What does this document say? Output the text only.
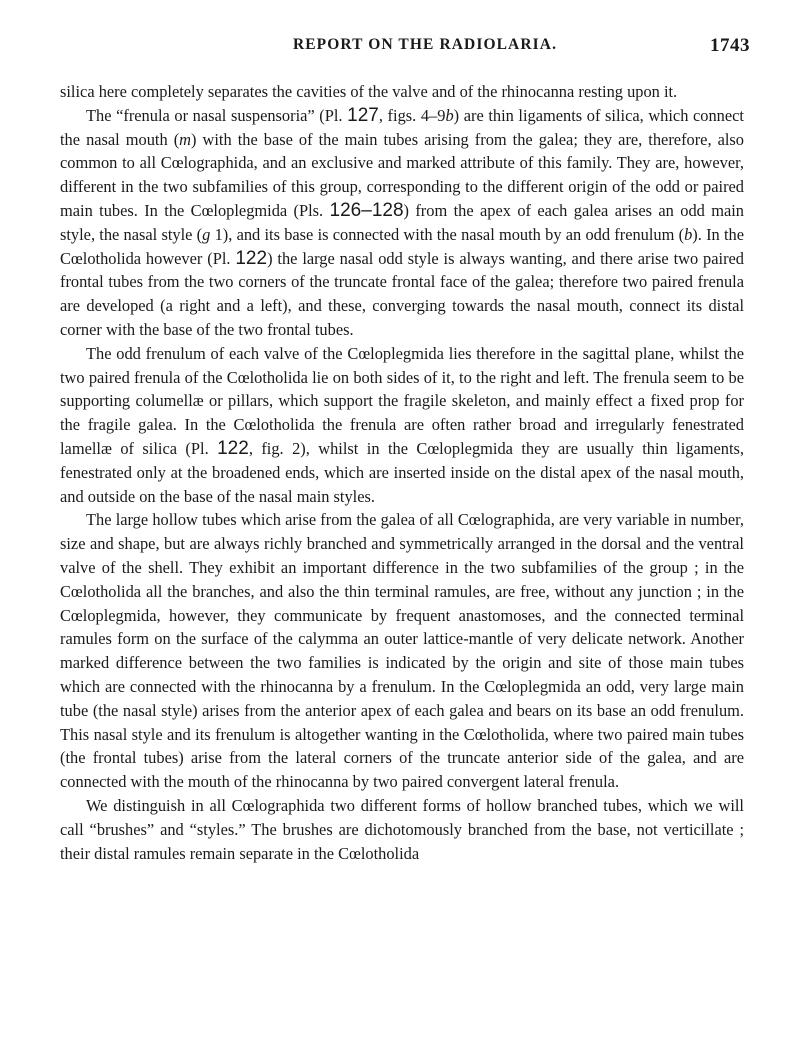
REPORT ON THE RADIOLARIA.	1743

silica here completely separates the cavities of the valve and of the rhinocanna resting upon it.

The “frenula or nasal suspensoria” (Pl. 127, figs. 4–9b) are thin ligaments of silica, which connect the nasal mouth (m) with the base of the main tubes arising from the galea; they are, therefore, also common to all Cœlographida, and an exclusive and marked attribute of this family. They are, however, different in the two subfamilies of this group, corresponding to the different origin of the odd or paired main tubes. In the Cœloplegmida (Pls. 126–128) from the apex of each galea arises an odd main style, the nasal style (g 1), and its base is connected with the nasal mouth by an odd frenulum (b). In the Cœlotholida however (Pl. 122) the large nasal odd style is always wanting, and there arise two paired frontal tubes from the two corners of the truncate frontal face of the galea; therefore two paired frenula are developed (a right and a left), and these, converging towards the nasal mouth, connect its distal corner with the base of the two frontal tubes.

The odd frenulum of each valve of the Cœloplegmida lies therefore in the sagittal plane, whilst the two paired frenula of the Cœlotholida lie on both sides of it, to the right and left. The frenula seem to be supporting columellæ or pillars, which support the fragile skeleton, and mainly effect a fixed prop for the fragile galea. In the Cœlotholida the frenula are often rather broad and irregularly fenestrated lamellæ of silica (Pl. 122, fig. 2), whilst in the Cœloplegmida they are usually thin ligaments, fenestrated only at the broadened ends, which are inserted inside on the distal apex of the nasal mouth, and outside on the base of the nasal main styles.

The large hollow tubes which arise from the galea of all Cœlographida, are very variable in number, size and shape, but are always richly branched and symmetrically arranged in the dorsal and the ventral valve of the shell. They exhibit an important difference in the two subfamilies of the group ; in the Cœlotholida all the branches, and also the thin terminal ramules, are free, without any junction ; in the Cœloplegmida, however, they communicate by frequent anastomoses, and the connected terminal ramules form on the surface of the calymma an outer lattice-mantle of very delicate network. Another marked difference between the two families is indicated by the origin and site of those main tubes which are connected with the rhinocanna by a frenulum. In the Cœloplegmida an odd, very large main tube (the nasal style) arises from the anterior apex of each galea and bears on its base an odd frenulum. This nasal style and its frenulum is altogether wanting in the Cœlotholida, where two paired main tubes (the frontal tubes) arise from the lateral corners of the truncate anterior side of the galea, and are connected with the mouth of the rhinocanna by two paired convergent lateral frenula.

We distinguish in all Cœlographida two different forms of hollow branched tubes, which we will call “brushes” and “styles.” The brushes are dichotomously branched from the base, not verticillate ; their distal ramules remain separate in the Cœlotholida
